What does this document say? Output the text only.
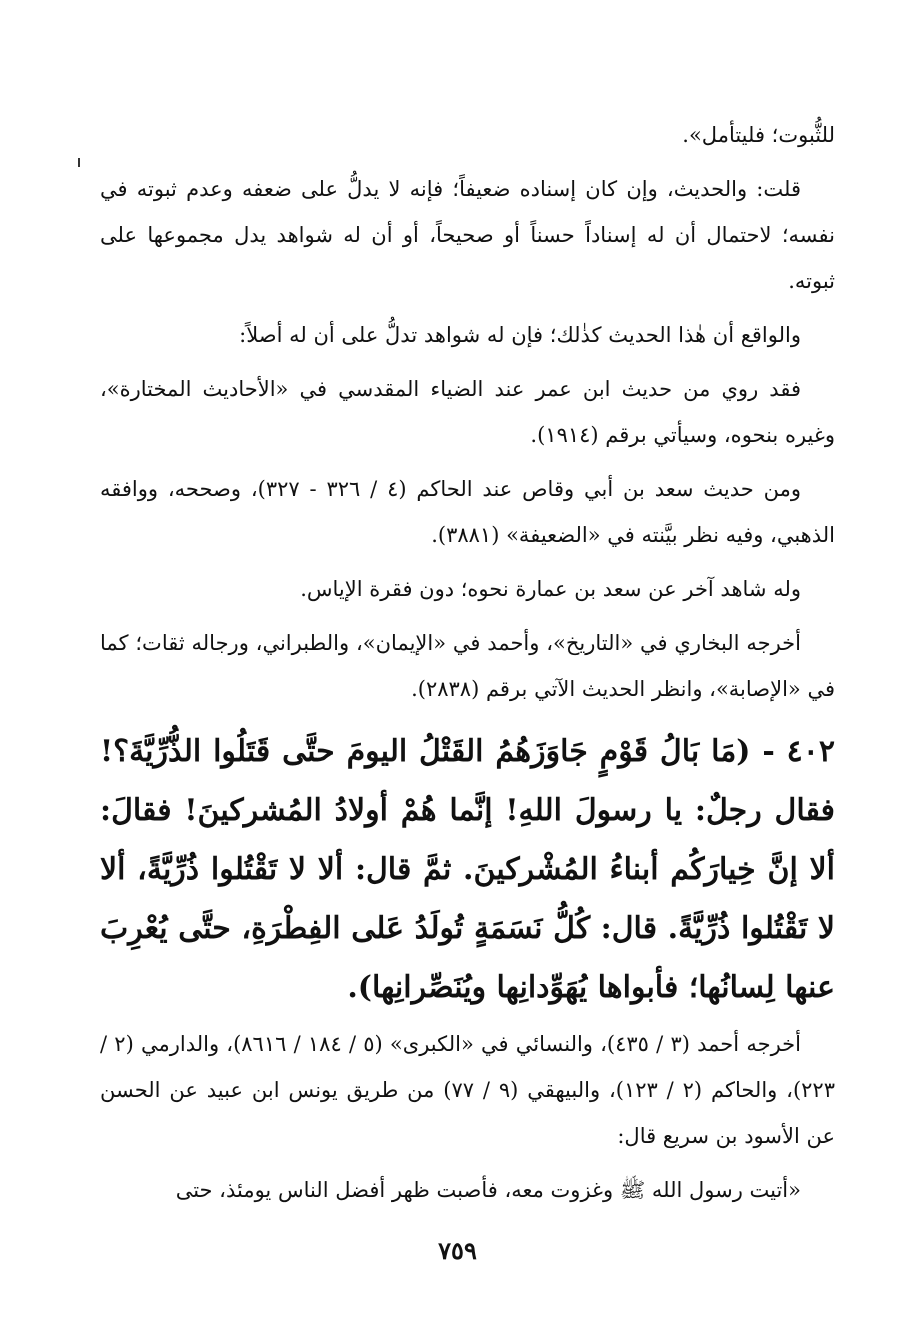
للثُّبوت؛ فليتأمل».

قلت: والحديث، وإن كان إسناده ضعيفاً؛ فإنه لا يدلُّ على ضعفه وعدم ثبوته في نفسه؛ لاحتمال أن له إسناداً حسناً أو صحيحاً، أو أن له شواهد يدل مجموعها على ثبوته.

والواقع أن هٰذا الحديث كذٰلك؛ فإن له شواهد تدلُّ على أن له أصلاً:

فقد روي من حديث ابن عمر عند الضياء المقدسي في «الأحاديث المختارة»، وغيره بنحوه، وسيأتي برقم (١٩١٤).

ومن حديث سعد بن أبي وقاص عند الحاكم (٤ / ٣٢٦ - ٣٢٧)، وصححه، ووافقه الذهبي، وفيه نظر بيَّنته في «الضعيفة» (٣٨٨١).

وله شاهد آخر عن سعد بن عمارة نحوه؛ دون فقرة الإياس.

أخرجه البخاري في «التاريخ»، وأحمد في «الإيمان»، والطبراني، ورجاله ثقات؛ كما في «الإصابة»، وانظر الحديث الآتي برقم (٢٨٣٨).

٤٠٢ - (مَا بَالُ قَوْمٍ جَاوَزَهُمُ القَتْلُ اليومَ حتَّى قَتَلُوا الذُّرِّيَّةَ؟! فقال رجلٌ: يا رسولَ اللهِ! إنَّما هُمْ أولادُ المُشركينَ! فقالَ: ألا إنَّ خِيارَكُم أبناءُ المُشْركينَ. ثمَّ قال: ألا لا تَقْتُلوا ذُرِّيَّةً، ألا لا تَقْتُلوا ذُرِّيَّةً. قال: كُلُّ نَسَمَةٍ تُولَدُ عَلى الفِطْرَةِ، حتَّى يُعْرِبَ عنها لِسانُها؛ فأبواها يُهَوِّدانِها ويُنَصِّرانِها).

أخرجه أحمد (٣ / ٤٣٥)، والنسائي في «الكبرى» (٥ / ١٨٤ / ٨٦١٦)، والدارمي (٢ / ٢٢٣)، والحاكم (٢ / ١٢٣)، والبيهقي (٩ / ٧٧) من طريق يونس ابن عبيد عن الحسن عن الأسود بن سريع قال:

«أتيت رسول الله ﷺ وغزوت معه، فأصبت ظهر أفضل الناس يومئذ، حتى

٧٥٩
